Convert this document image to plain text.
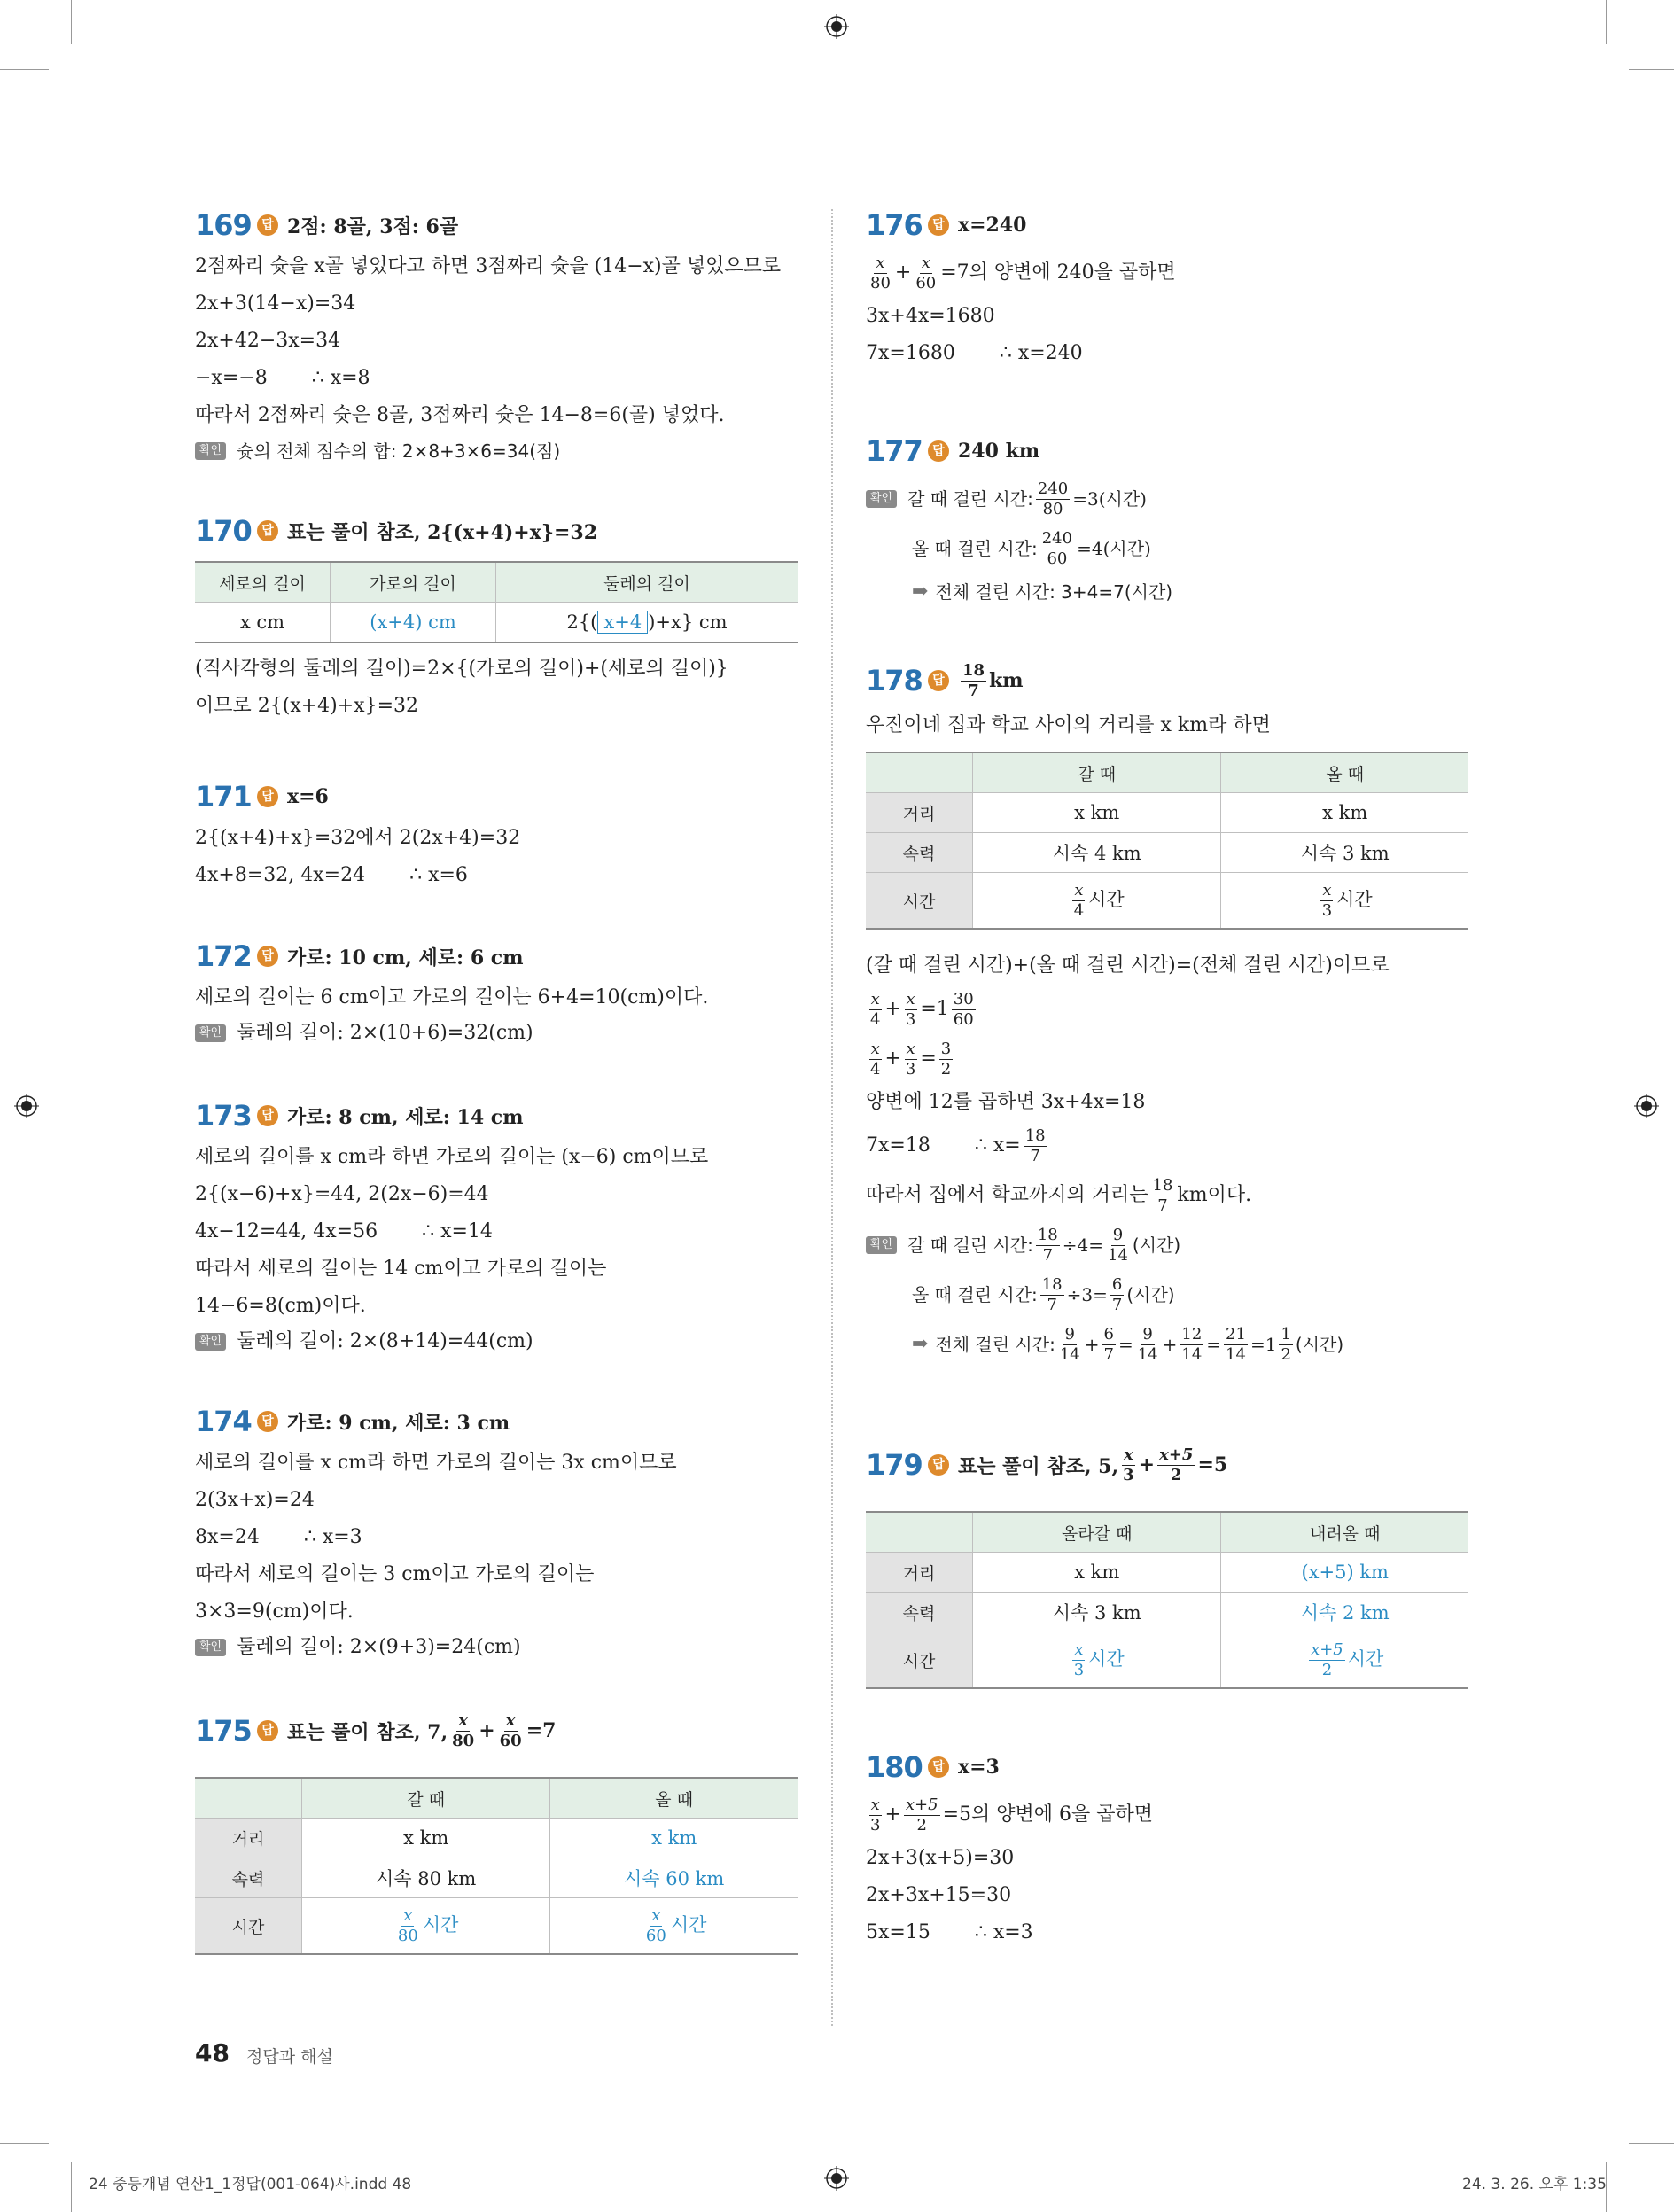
169 답 2점: 8골, 3점: 6골
2점짜리 슛을 x골 넣었다고 하면 3점짜리 슛을 (14−x)골 넣었으므로
2x+3(14−x)=34
2x+42−3x=34
−x=−8 ∴ x=8
따라서 2점짜리 슛은 8골, 3점짜리 슛은 14−8=6(골) 넣었다.
확인 슛의 전체 점수의 합: 2×8+3×6=34(점)
170 답 표는 풀이 참조, 2{(x+4)+x}=32
세로의 길이	가로의 길이	둘레의 길이
x cm	(x+4) cm	2{( x+4 )+x} cm
(직사각형의 둘레의 길이)=2×{(가로의 길이)+(세로의 길이)}
이므로 2{(x+4)+x}=32
171 답 x=6
2{(x+4)+x}=32에서 2(2x+4)=32
4x+8=32, 4x=24 ∴ x=6
172 답 가로: 10 cm, 세로: 6 cm
세로의 길이는 6 cm이고 가로의 길이는 6+4=10(cm)이다.
확인 둘레의 길이: 2×(10+6)=32(cm)
173 답 가로: 8 cm, 세로: 14 cm
세로의 길이를 x cm라 하면 가로의 길이는 (x−6) cm이므로
2{(x−6)+x}=44, 2(2x−6)=44
4x−12=44, 4x=56 ∴ x=14
따라서 세로의 길이는 14 cm이고 가로의 길이는
14−6=8(cm)이다.
확인 둘레의 길이: 2×(8+14)=44(cm)
174 답 가로: 9 cm, 세로: 3 cm
세로의 길이를 x cm라 하면 가로의 길이는 3x cm이므로
2(3x+x)=24
8x=24 ∴ x=3
따라서 세로의 길이는 3 cm이고 가로의 길이는
3×3=9(cm)이다.
확인 둘레의 길이: 2×(9+3)=24(cm)
175 답 표는 풀이 참조, 7, $\frac{x}{80} + \frac{x}{60} =7$
	갈 때	올 때
거리	x km	x km
속력	시속 80 km	시속 60 km
시간	$\frac{x}{80}$ 시간	$\frac{x}{60}$ 시간
176 답 x=240
$\frac{x}{80} + \frac{x}{60} =7$의 양변에 240을 곱하면
3x+4x=1680
7x=1680 ∴ x=240
177 답 240 km
확인 갈 때 걸린 시간: $\frac{240}{80} =3$(시간)
올 때 걸린 시간: $\frac{240}{60} =4$(시간)
➡ 전체 걸린 시간: 3+4=7(시간)
178 답 $\frac{18}{7}$ km
우진이네 집과 학교 사이의 거리를 x km라 하면
	갈 때	올 때
거리	x km	x km
속력	시속 4 km	시속 3 km
시간	$\frac{x}{4}$ 시간	$\frac{x}{3}$ 시간
(갈 때 걸린 시간)+(올 때 걸린 시간)=(전체 걸린 시간)이므로
$\frac{x}{4} + \frac{x}{3} =1 \frac{30}{60}$
$\frac{x}{4} + \frac{x}{3} = \frac{3}{2}$
양변에 12를 곱하면 3x+4x=18
7x=18 ∴ $x= \frac{18}{7}$
따라서 집에서 학교까지의 거리는 $\frac{18}{7}$ km이다.
확인 갈 때 걸린 시간: $\frac{18}{7} \div 4= \frac{9}{14}$ (시간)
올 때 걸린 시간: $\frac{18}{7} \div 3= \frac{6}{7}$ (시간)
➡ 전체 걸린 시간: $\frac{9}{14} + \frac{6}{7} = \frac{9}{14} + \frac{12}{14} = \frac{21}{14} =1 \frac{1}{2}$ (시간)
179 답 표는 풀이 참조, 5, $\frac{x}{3} + \frac{x+5}{2} =5$
	올라갈 때	내려올 때
거리	x km	(x+5) km
속력	시속 3 km	시속 2 km
시간	$\frac{x}{3}$ 시간	$\frac{x+5}{2}$ 시간
180 답 x=3
$\frac{x}{3} + \frac{x+5}{2} =5$의 양변에 6을 곱하면
2x+3(x+5)=30
2x+3x+15=30
5x=15 ∴ x=3
48 정답과 해설
24 중등개념 연산1_1정답(001-064)사.indd 48	24. 3. 26. 오후 1:35
